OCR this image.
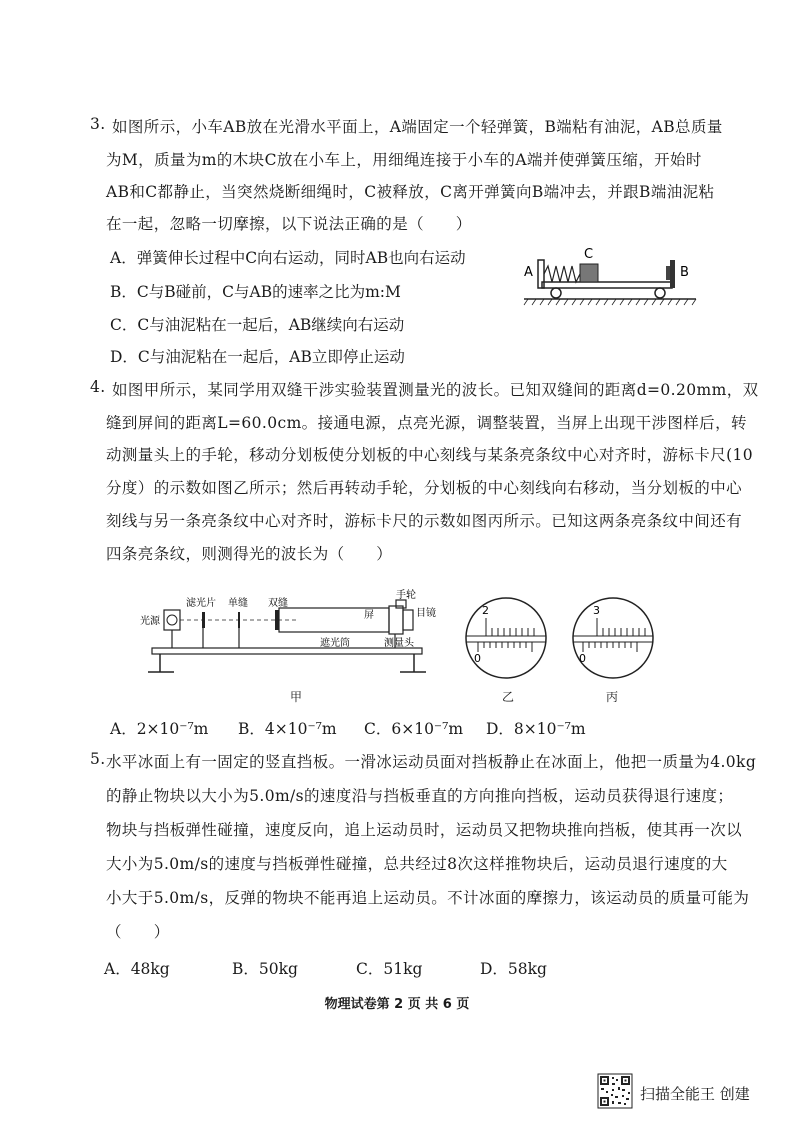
3. 如图所示，小车AB放在光滑水平面上，A端固定一个轻弹簧，B端粘有油泥，AB总质量
为M，质量为m的木块C放在小车上，用细绳连接于小车的A端并使弹簧压缩，开始时
AB和C都静止，当突然烧断细绳时，C被释放，C离开弹簧向B端冲去，并跟B端油泥粘
在一起，忽略一切摩擦，以下说法正确的是（　　）
A．弹簧伸长过程中C向右运动，同时AB也向右运动
B．C与B碰前，C与AB的速率之比为m:M
C．C与油泥粘在一起后，AB继续向右运动
D．C与油泥粘在一起后，AB立即停止运动
A
C
B
4. 如图甲所示，某同学用双缝干涉实验装置测量光的波长。已知双缝间的距离d=0.20mm，双
缝到屏间的距离L=60.0cm。接通电源，点亮光源，调整装置，当屏上出现干涉图样后，转
动测量头上的手轮，移动分划板使分划板的中心刻线与某条亮条纹中心对齐时，游标卡尺(10
分度）的示数如图乙所示；然后再转动手轮，分划板的中心刻线向右移动，当分划板的中心
刻线与另一条亮条纹中心对齐时，游标卡尺的示数如图丙所示。已知这两条亮条纹中间还有
四条亮条纹，则测得光的波长为（　　）
光源
滤光片 单缝 双缝
屏
手轮
目镜
遮光筒	测量头
甲
2
0
乙
3
0
丙
A．2×10⁻⁷m B．4×10⁻⁷m C．6×10⁻⁷m D．8×10⁻⁷m
5. 水平冰面上有一固定的竖直挡板。一滑冰运动员面对挡板静止在冰面上，他把一质量为4.0kg
的静止物块以大小为5.0m/s的速度沿与挡板垂直的方向推向挡板，运动员获得退行速度；
物块与挡板弹性碰撞，速度反向，追上运动员时，运动员又把物块推向挡板，使其再一次以
大小为5.0m/s的速度与挡板弹性碰撞，总共经过8次这样推物块后，运动员退行速度的大
小大于5.0m/s，反弹的物块不能再追上运动员。不计冰面的摩擦力，该运动员的质量可能为
（　　）
A．48kg	B．50kg	C．51kg	D．58kg
物理试卷第 2 页 共 6 页
扫描全能王 创建
